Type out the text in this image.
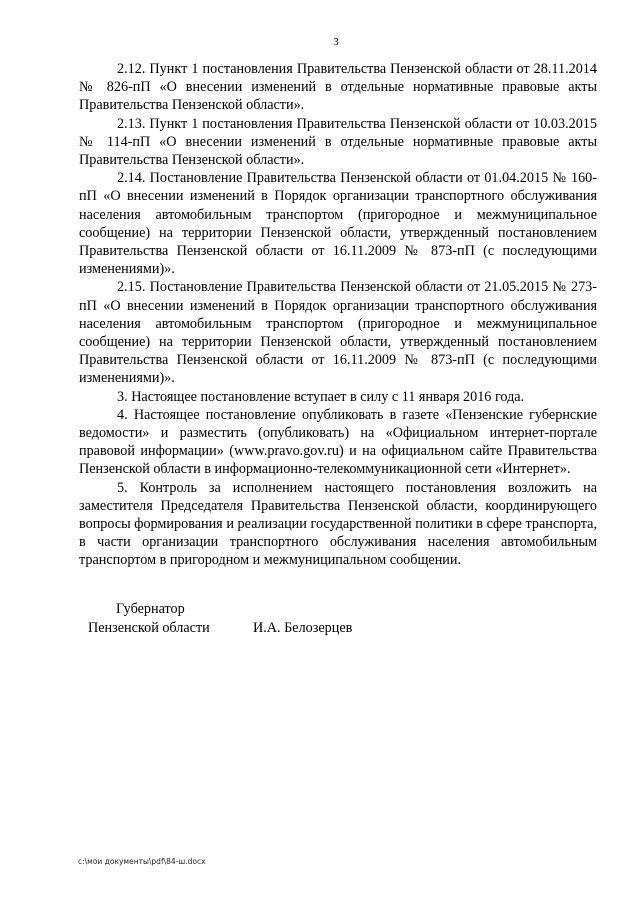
3

2.12. Пункт 1 постановления Правительства Пензенской области от 28.11.2014 № 826-пП «О внесении изменений в отдельные нормативные правовые акты Правительства Пензенской области».

2.13. Пункт 1 постановления Правительства Пензенской области от 10.03.2015 № 114-пП «О внесении изменений в отдельные нормативные правовые акты Правительства Пензенской области».

2.14. Постановление Правительства Пензенской области от 01.04.2015 № 160-пП «О внесении изменений в Порядок организации транспортного обслуживания населения автомобильным транспортом (пригородное и межмуниципальное сообщение) на территории Пензенской области, утвержденный постановлением Правительства Пензенской области от 16.11.2009 № 873-пП (с последующими изменениями)».

2.15. Постановление Правительства Пензенской области от 21.05.2015 № 273-пП «О внесении изменений в Порядок организации транспортного обслуживания населения автомобильным транспортом (пригородное и межмуниципальное сообщение) на территории Пензенской области, утвержденный постановлением Правительства Пензенской области от 16.11.2009 № 873-пП (с последующими изменениями)».

3. Настоящее постановление вступает в силу с 11 января 2016 года.

4. Настоящее постановление опубликовать в газете «Пензенские губернские ведомости» и разместить (опубликовать) на «Официальном интернет-портале правовой информации» (www.pravo.gov.ru) и на официальном сайте Правительства Пензенской области в информационно-телекоммуникационной сети «Интернет».

5. Контроль за исполнением настоящего постановления возложить на заместителя Председателя Правительства Пензенской области, координирующего вопросы формирования и реализации государственной политики в сфере транспорта, в части организации транспортного обслуживания населения автомобильным транспортом в пригородном и межмуниципальном сообщении.

Губернатор
Пензенской области	И.А. Белозерцев
c:\мои документы\pdf\84-ш.docx
